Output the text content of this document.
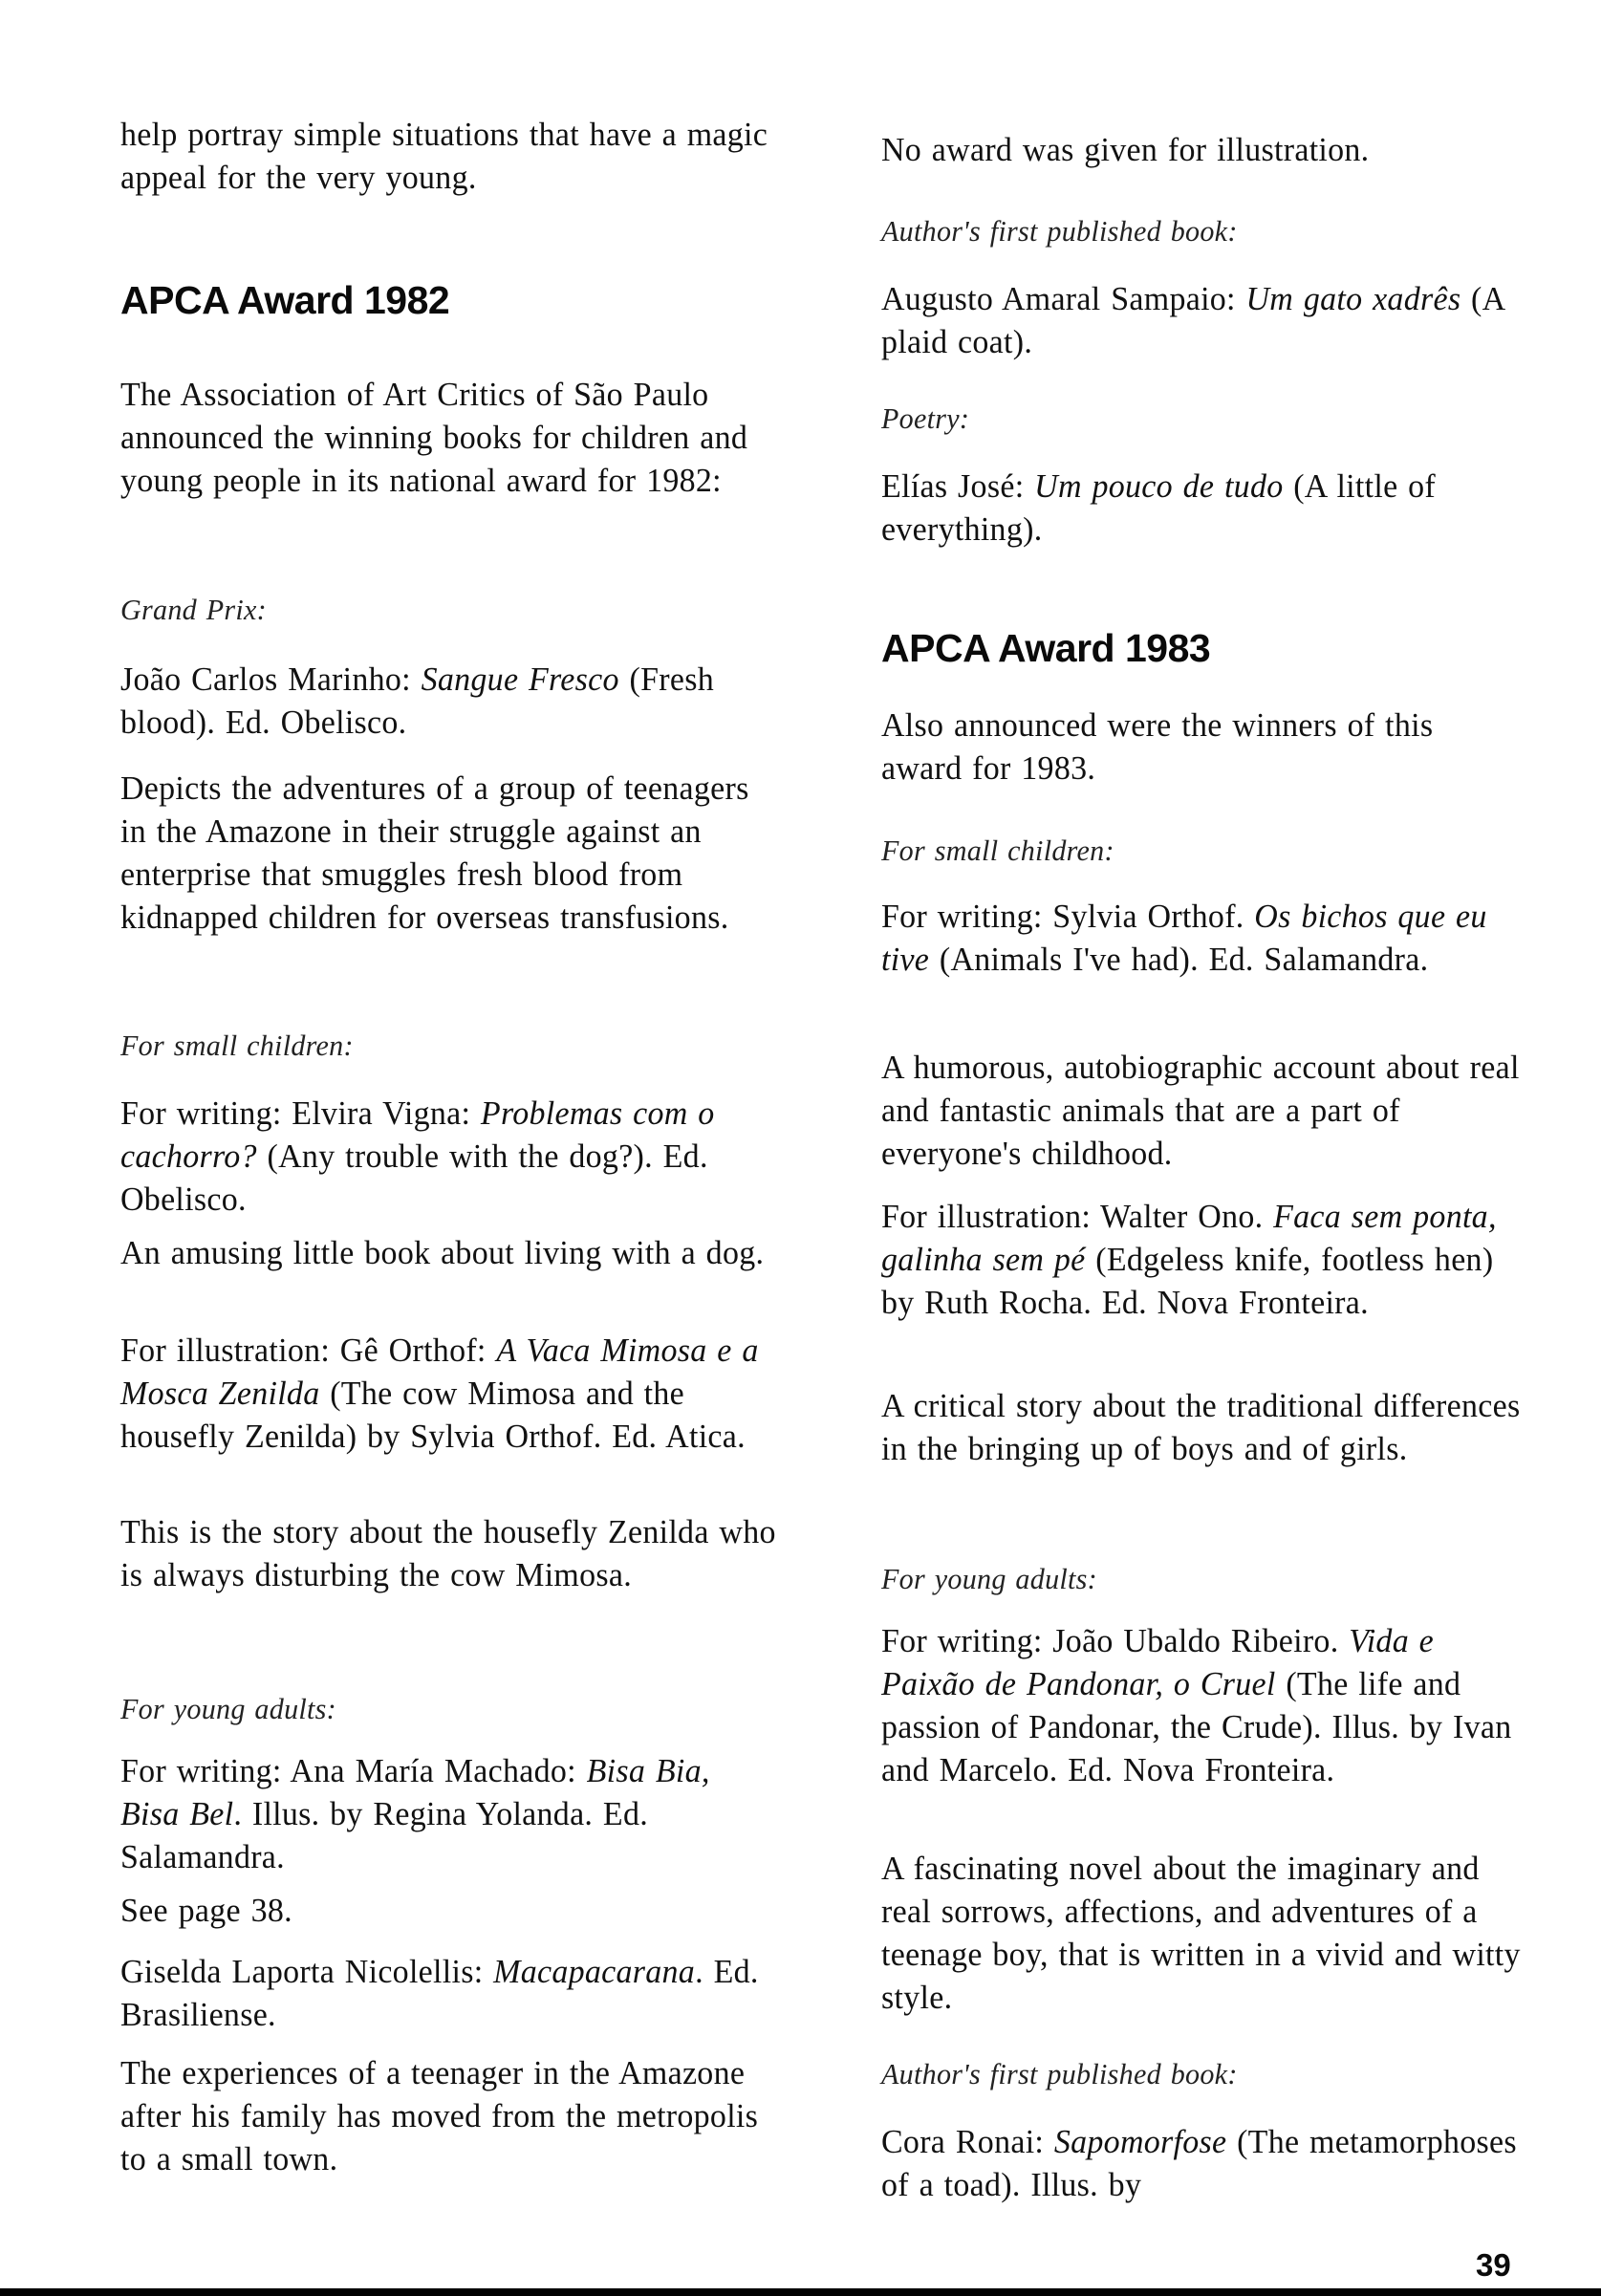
help portray simple situations that have a magic appeal for the very young.
APCA Award 1982
The Association of Art Critics of São Paulo announced the winning books for children and young people in its national award for 1982:
Grand Prix:
João Carlos Marinho: Sangue Fresco (Fresh blood). Ed. Obelisco.
Depicts the adventures of a group of teenagers in the Amazone in their struggle against an enterprise that smuggles fresh blood from kidnapped children for overseas transfusions.
For small children:
For writing: Elvira Vigna: Problemas com o cachorro? (Any trouble with the dog?). Ed. Obelisco.
An amusing little book about living with a dog.
For illustration: Gê Orthof: A Vaca Mimosa e a Mosca Zenilda (The cow Mimosa and the housefly Zenilda) by Sylvia Orthof. Ed. Atica.
This is the story about the housefly Zenilda who is always disturbing the cow Mimosa.
For young adults:
For writing: Ana María Machado: Bisa Bia, Bisa Bel. Illus. by Regina Yolanda. Ed. Salamandra.
See page 38.
Giselda Laporta Nicolellis: Macapacarana. Ed. Brasiliense.
The experiences of a teenager in the Amazone after his family has moved from the metropolis to a small town.
No award was given for illustration.
Author's first published book:
Augusto Amaral Sampaio: Um gato xadrês (A plaid coat).
Poetry:
Elías José: Um pouco de tudo (A little of everything).
APCA Award 1983
Also announced were the winners of this award for 1983.
For small children:
For writing: Sylvia Orthof. Os bichos que eu tive (Animals I've had). Ed. Salamandra.
A humorous, autobiographic account about real and fantastic animals that are a part of everyone's childhood.
For illustration: Walter Ono. Faca sem ponta, galinha sem pé (Edgeless knife, footless hen) by Ruth Rocha. Ed. Nova Fronteira.
A critical story about the traditional differences in the bringing up of boys and of girls.
For young adults:
For writing: João Ubaldo Ribeiro. Vida e Paixão de Pandonar, o Cruel (The life and passion of Pandonar, the Crude). Illus. by Ivan and Marcelo. Ed. Nova Fronteira.
A fascinating novel about the imaginary and real sorrows, affections, and adventures of a teenage boy, that is written in a vivid and witty style.
Author's first published book:
Cora Ronai: Sapomorfose (The metamorphoses of a toad). Illus. by
39
